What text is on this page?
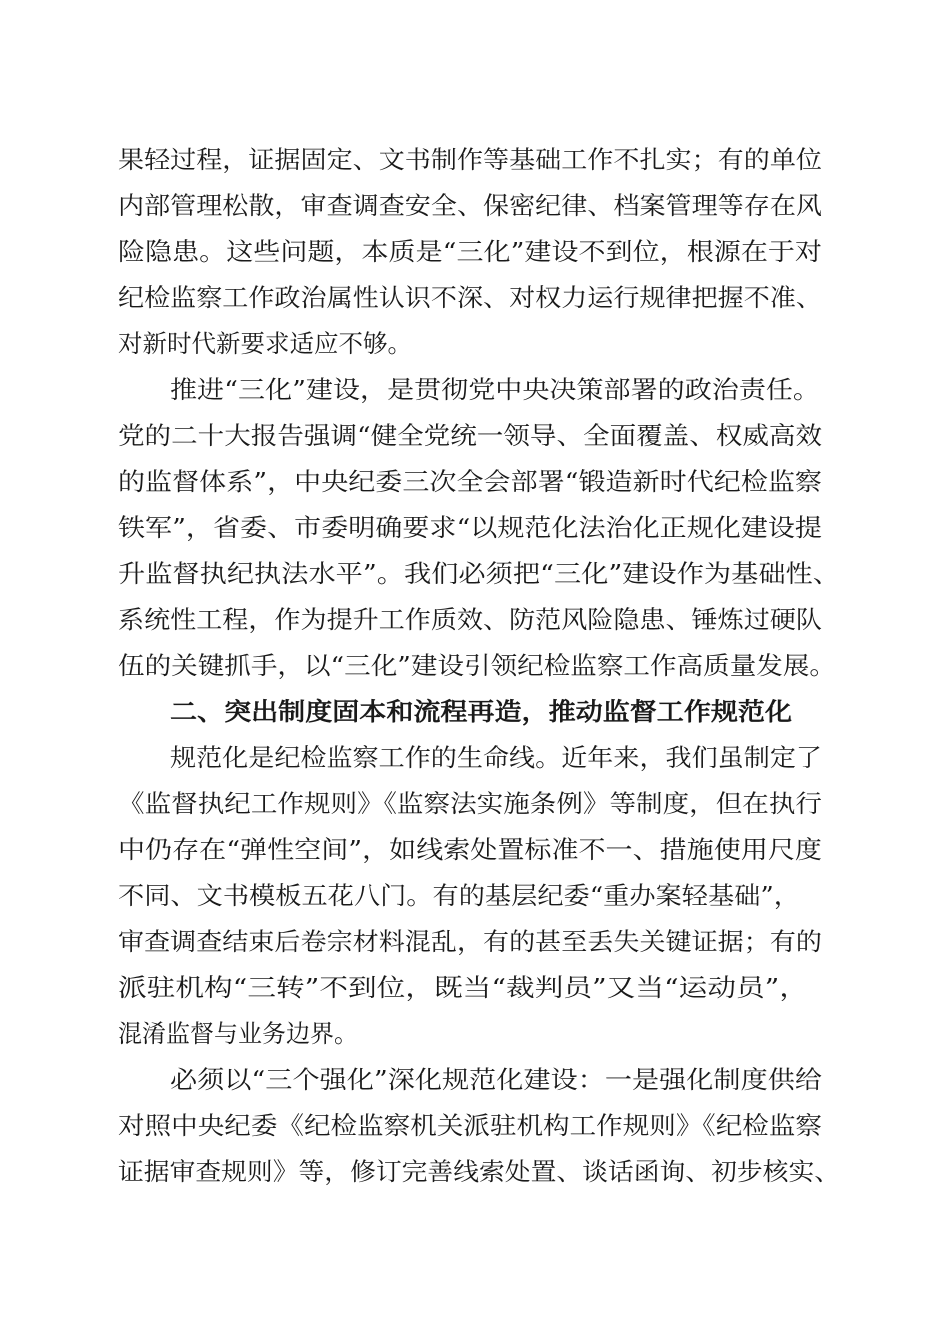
果轻过程，证据固定、文书制作等基础工作不扎实；有的单位
内部管理松散，审查调查安全、保密纪律、档案管理等存在风
险隐患。这些问题，本质是“三化”建设不到位，根源在于对
纪检监察工作政治属性认识不深、对权力运行规律把握不准、
对新时代新要求适应不够。
推进“三化”建设，是贯彻党中央决策部署的政治责任。
党的二十大报告强调“健全党统一领导、全面覆盖、权威高效
的监督体系”，中央纪委三次全会部署“锻造新时代纪检监察
铁军”，省委、市委明确要求“以规范化法治化正规化建设提
升监督执纪执法水平”。我们必须把“三化”建设作为基础性、
系统性工程，作为提升工作质效、防范风险隐患、锤炼过硬队
伍的关键抓手，以“三化”建设引领纪检监察工作高质量发展。
二、突出制度固本和流程再造，推动监督工作规范化
规范化是纪检监察工作的生命线。近年来，我们虽制定了
《监督执纪工作规则》《监察法实施条例》等制度，但在执行
中仍存在“弹性空间”，如线索处置标准不一、措施使用尺度
不同、文书模板五花八门。有的基层纪委“重办案轻基础”，
审查调查结束后卷宗材料混乱，有的甚至丢失关键证据；有的
派驻机构“三转”不到位，既当“裁判员”又当“运动员”，
混淆监督与业务边界。
必须以“三个强化”深化规范化建设：一是强化制度供给
对照中央纪委《纪检监察机关派驻机构工作规则》《纪检监察
证据审查规则》等，修订完善线索处置、谈话函询、初步核实、
